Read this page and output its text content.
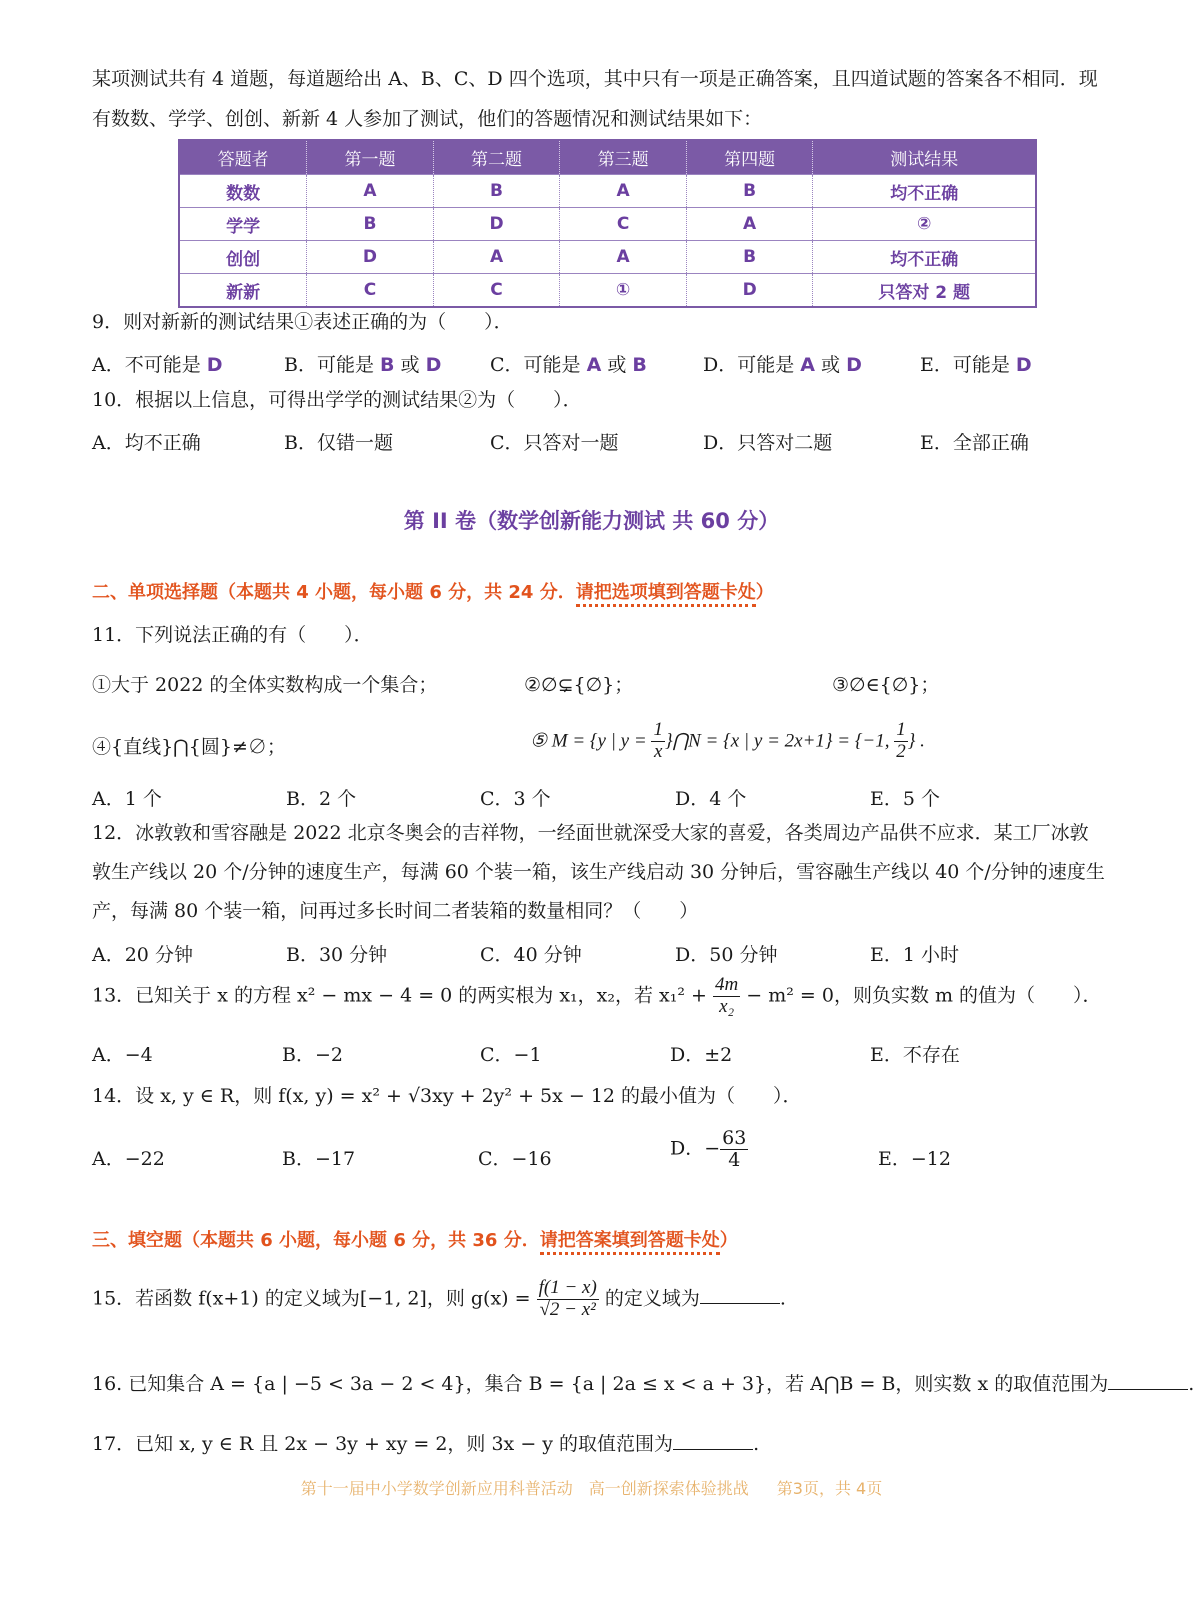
某项测试共有 4 道题，每道题给出 A、B、C、D 四个选项，其中只有一项是正确答案，且四道试题的答案各不相同．现
有数数、学学、创创、新新 4 人参加了测试，他们的答题情况和测试结果如下：
答题者	第一题	第二题	第三题	第四题	测试结果
数数	A	B	A	B	均不正确
学学	B	D	C	A	②
创创	D	A	A	B	均不正确
新新	C	C	①	D	只答对 2 题
9．则对新新的测试结果①表述正确的为（　　）．
A．不可能是 D	B．可能是 B 或 D	C．可能是 A 或 B	D．可能是 A 或 D	E．可能是 D
10．根据以上信息，可得出学学的测试结果②为（　　）．
A．均不正确	B．仅错一题	C．只答对一题	D．只答对二题	E．全部正确
第 II 卷（数学创新能力测试 共 60 分）
二、单项选择题（本题共 4 小题，每小题 6 分，共 24 分．请把选项填到答题卡处）
11．下列说法正确的有（　　）．
①大于 2022 的全体实数构成一个集合；	②∅⊊{∅}；	③∅∈{∅}；
④{直线}⋂{圆}≠∅；	⑤ M = {y | $y = \frac{1}{x}$ }⋂N = {x | y = 2x+1} = {−1, $\frac{1}{2}$ } .
A．1 个	B．2 个	C．3 个	D．4 个	E．5 个
12．冰敦敦和雪容融是 2022 北京冬奥会的吉祥物，一经面世就深受大家的喜爱，各类周边产品供不应求．某工厂冰敦
敦生产线以 20 个/分钟的速度生产，每满 60 个装一箱，该生产线启动 30 分钟后，雪容融生产线以 40 个/分钟的速度生
产，每满 80 个装一箱，问再过多长时间二者装箱的数量相同？（　　）
A．20 分钟	B．30 分钟	C．40 分钟	D．50 分钟	E．1 小时
13．已知关于 x 的方程 x² − mx − 4 = 0 的两实根为 x₁，x₂，若 $x_1^2 + \frac{4m}{\text{x₂}} - m^2 = 0$，则负实数 m 的值为（　　）．
A．−4	B．−2	C．−1	D．±2	E．不存在
14．设 x, y ∈ R，则 f(x, y) = x² + √3xy + 2y² + 5x − 12 的最小值为（　　）．
A．−22	B．−17	C．−16	D．− $\frac{63}{4}$	E．−12
三、填空题（本题共 6 小题，每小题 6 分，共 36 分．请把答案填到答题卡处）
15．若函数 f(x+1) 的定义域为[−1, 2]，则 $g(x) = \frac{f(1 - x)}{\text{√2 − x²}}$ 的定义域为	.
16. 已知集合 A = {a | −5 < 3a − 2 < 4}，集合 B = {a | 2a ≤ x < a + 3}，若 A⋂B = B，则实数 x 的取值范围为	.
17．已知 x, y ∈ R 且 2x − 3y + xy = 2，则 3x − y 的取值范围为	.
第十一届中小学数学创新应用科普活动　高一创新探索体验挑战 第3页，共 4页
